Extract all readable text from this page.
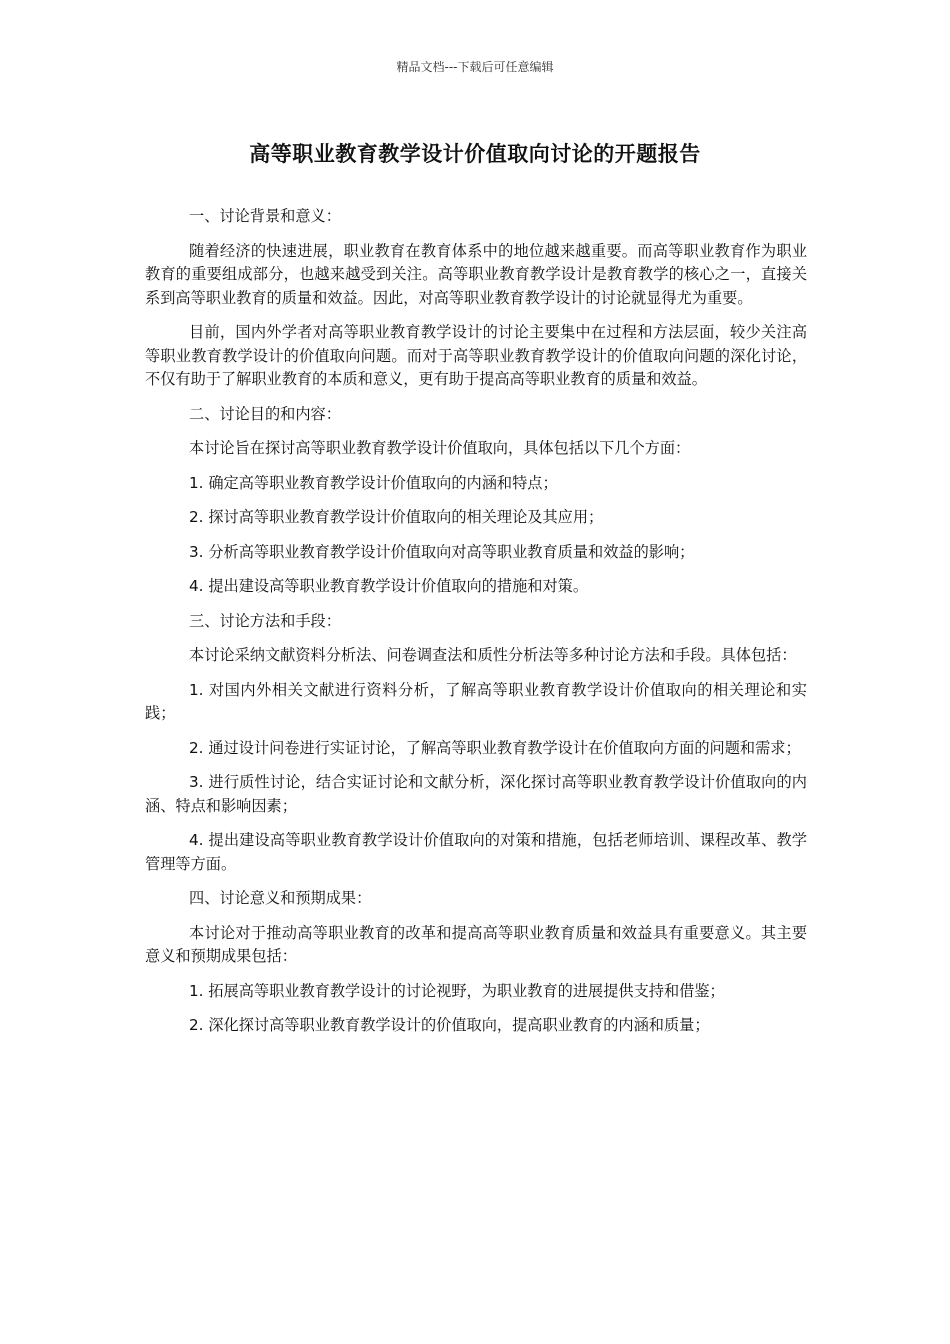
精品文档---下载后可任意编辑
高等职业教育教学设计价值取向讨论的开题报告

一、讨论背景和意义：

随着经济的快速进展，职业教育在教育体系中的地位越来越重要。而高等职业教育作为职业教育的重要组成部分，也越来越受到关注。高等职业教育教学设计是教育教学的核心之一，直接关系到高等职业教育的质量和效益。因此，对高等职业教育教学设计的讨论就显得尤为重要。

目前，国内外学者对高等职业教育教学设计的讨论主要集中在过程和方法层面，较少关注高等职业教育教学设计的价值取向问题。而对于高等职业教育教学设计的价值取向问题的深化讨论，不仅有助于了解职业教育的本质和意义，更有助于提高高等职业教育的质量和效益。

二、讨论目的和内容：

本讨论旨在探讨高等职业教育教学设计价值取向，具体包括以下几个方面：

1. 确定高等职业教育教学设计价值取向的内涵和特点；

2. 探讨高等职业教育教学设计价值取向的相关理论及其应用；

3. 分析高等职业教育教学设计价值取向对高等职业教育质量和效益的影响；

4. 提出建设高等职业教育教学设计价值取向的措施和对策。

三、讨论方法和手段：

本讨论采纳文献资料分析法、问卷调查法和质性分析法等多种讨论方法和手段。具体包括：

1. 对国内外相关文献进行资料分析，了解高等职业教育教学设计价值取向的相关理论和实践；

2. 通过设计问卷进行实证讨论，了解高等职业教育教学设计在价值取向方面的问题和需求；

3. 进行质性讨论，结合实证讨论和文献分析，深化探讨高等职业教育教学设计价值取向的内涵、特点和影响因素；

4. 提出建设高等职业教育教学设计价值取向的对策和措施，包括老师培训、课程改革、教学管理等方面。

四、讨论意义和预期成果：

本讨论对于推动高等职业教育的改革和提高高等职业教育质量和效益具有重要意义。其主要意义和预期成果包括：

1. 拓展高等职业教育教学设计的讨论视野，为职业教育的进展提供支持和借鉴；

2. 深化探讨高等职业教育教学设计的价值取向，提高职业教育的内涵和质量；
